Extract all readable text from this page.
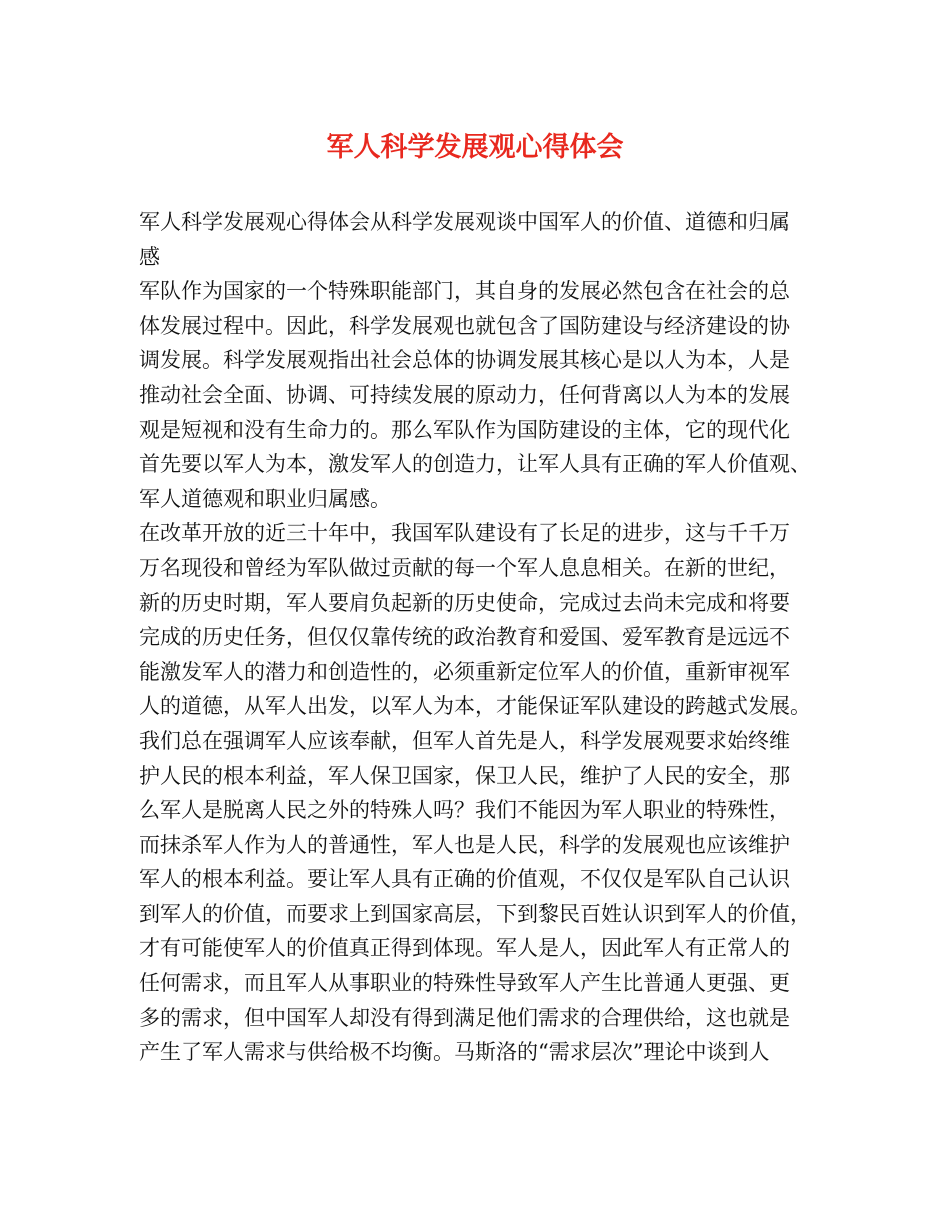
军人科学发展观心得体会
军人科学发展观心得体会从科学发展观谈中国军人的价值、道德和归属
感
军队作为国家的一个特殊职能部门，其自身的发展必然包含在社会的总
体发展过程中。因此，科学发展观也就包含了国防建设与经济建设的协
调发展。科学发展观指出社会总体的协调发展其核心是以人为本，人是
推动社会全面、协调、可持续发展的原动力，任何背离以人为本的发展
观是短视和没有生命力的。那么军队作为国防建设的主体，它的现代化
首先要以军人为本，激发军人的创造力，让军人具有正确的军人价值观、
军人道德观和职业归属感。
在改革开放的近三十年中，我国军队建设有了长足的进步，这与千千万
万名现役和曾经为军队做过贡献的每一个军人息息相关。在新的世纪，
新的历史时期，军人要肩负起新的历史使命，完成过去尚未完成和将要
完成的历史任务，但仅仅靠传统的政治教育和爱国、爱军教育是远远不
能激发军人的潜力和创造性的，必须重新定位军人的价值，重新审视军
人的道德，从军人出发，以军人为本，才能保证军队建设的跨越式发展。
我们总在强调军人应该奉献，但军人首先是人，科学发展观要求始终维
护人民的根本利益，军人保卫国家，保卫人民，维护了人民的安全，那
么军人是脱离人民之外的特殊人吗？我们不能因为军人职业的特殊性，
而抹杀军人作为人的普通性，军人也是人民，科学的发展观也应该维护
军人的根本利益。要让军人具有正确的价值观，不仅仅是军队自己认识
到军人的价值，而要求上到国家高层，下到黎民百姓认识到军人的价值，
才有可能使军人的价值真正得到体现。军人是人，因此军人有正常人的
任何需求，而且军人从事职业的特殊性导致军人产生比普通人更强、更
多的需求，但中国军人却没有得到满足他们需求的合理供给，这也就是
产生了军人需求与供给极不均衡。马斯洛的“需求层次”理论中谈到人
